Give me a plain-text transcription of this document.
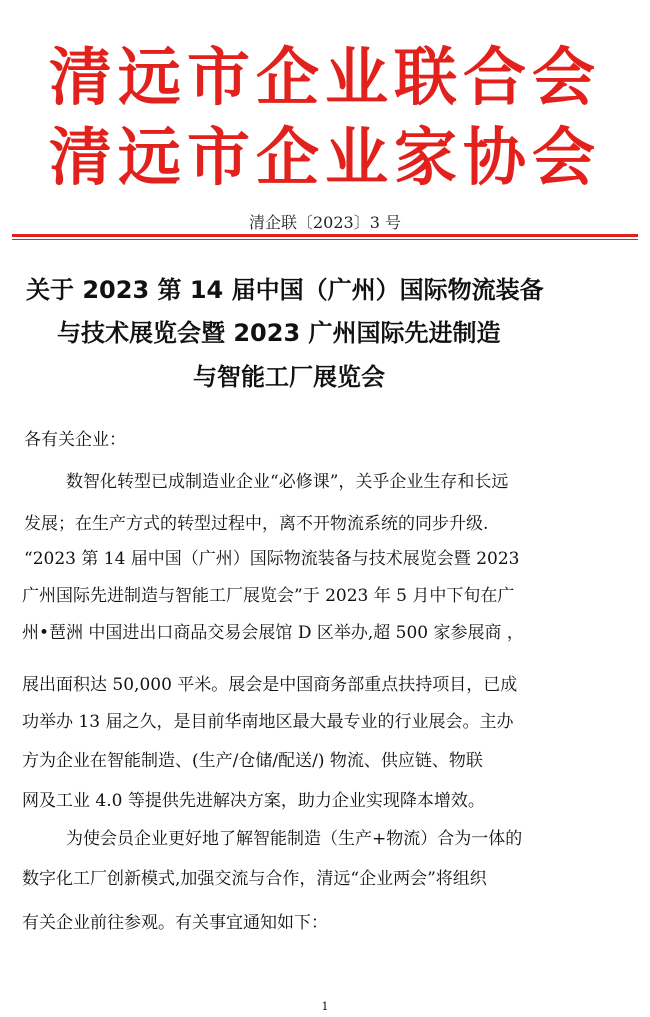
清远市企业联合会
清远市企业家协会
清企联〔2023〕3 号
关于 2023 第 14 届中国（广州）国际物流装备
与技术展览会暨 2023 广州国际先进制造
与智能工厂展览会
各有关企业：
数智化转型已成制造业企业“必修课”，关乎企业生存和长远
发展；在生产方式的转型过程中，离不开物流系统的同步升级.
“2023 第 14 届中国（广州）国际物流装备与技术展览会暨 2023
广州国际先进制造与智能工厂展览会”于 2023 年 5 月中下旬在广
州•琶洲 中国进出口商品交易会展馆 D 区举办,超 500 家参展商 ，
展出面积达 50,000 平米。展会是中国商务部重点扶持项目，已成
功举办 13 届之久，是目前华南地区最大最专业的行业展会。主办
方为企业在智能制造、(生产/仓储/配送/) 物流、供应链、物联
网及工业 4.0 等提供先进解决方案，助力企业实现降本增效。
为使会员企业更好地了解智能制造（生产+物流）合为一体的
数字化工厂创新模式,加强交流与合作，清远“企业两会”将组织
有关企业前往参观。有关事宜通知如下：
1
